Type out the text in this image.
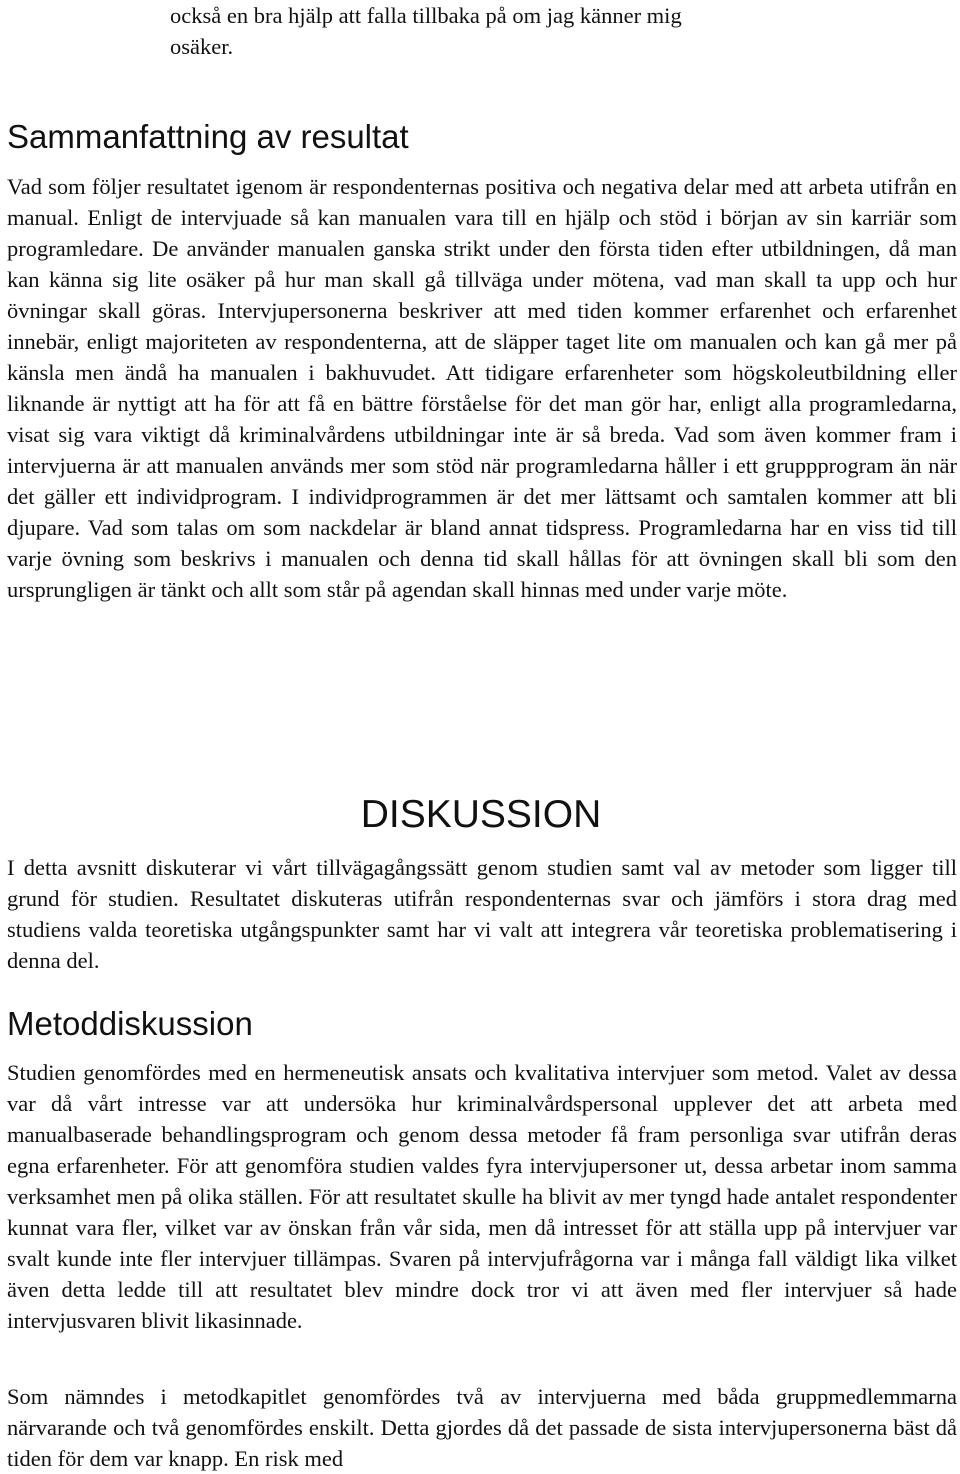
också en bra hjälp att falla tillbaka på om jag känner mig osäker.

Sammanfattning av resultat

Vad som följer resultatet igenom är respondenternas positiva och negativa delar med att arbeta utifrån en manual. Enligt de intervjuade så kan manualen vara till en hjälp och stöd i början av sin karriär som programledare. De använder manualen ganska strikt under den första tiden efter utbildningen, då man kan känna sig lite osäker på hur man skall gå tillväga under mötena, vad man skall ta upp och hur övningar skall göras. Intervjupersonerna beskriver att med tiden kommer erfarenhet och erfarenhet innebär, enligt majoriteten av respondenterna, att de släpper taget lite om manualen och kan gå mer på känsla men ändå ha manualen i bakhuvudet. Att tidigare erfarenheter som högskoleutbildning eller liknande är nyttigt att ha för att få en bättre förståelse för det man gör har, enligt alla programledarna, visat sig vara viktigt då kriminalvårdens utbildningar inte är så breda. Vad som även kommer fram i intervjuerna är att manualen används mer som stöd när programledarna håller i ett gruppprogram än när det gäller ett individprogram. I individprogrammen är det mer lättsamt och samtalen kommer att bli djupare. Vad som talas om som nackdelar är bland annat tidspress. Programledarna har en viss tid till varje övning som beskrivs i manualen och denna tid skall hållas för att övningen skall bli som den ursprungligen är tänkt och allt som står på agendan skall hinnas med under varje möte.

DISKUSSION

I detta avsnitt diskuterar vi vårt tillvägagångssätt genom studien samt val av metoder som ligger till grund för studien. Resultatet diskuteras utifrån respondenternas svar och jämförs i stora drag med studiens valda teoretiska utgångspunkter samt har vi valt att integrera vår teoretiska problematisering i denna del.

Metoddiskussion

Studien genomfördes med en hermeneutisk ansats och kvalitativa intervjuer som metod. Valet av dessa var då vårt intresse var att undersöka hur kriminalvårdspersonal upplever det att arbeta med manualbaserade behandlingsprogram och genom dessa metoder få fram personliga svar utifrån deras egna erfarenheter. För att genomföra studien valdes fyra intervjupersoner ut, dessa arbetar inom samma verksamhet men på olika ställen. För att resultatet skulle ha blivit av mer tyngd hade antalet respondenter kunnat vara fler, vilket var av önskan från vår sida, men då intresset för att ställa upp på intervjuer var svalt kunde inte fler intervjuer tillämpas. Svaren på intervjufrågorna var i många fall väldigt lika vilket även detta ledde till att resultatet blev mindre dock tror vi att även med fler intervjuer så hade intervjusvaren blivit likasinnade.

Som nämndes i metodkapitlet genomfördes två av intervjuerna med båda gruppmedlemmarna närvarande och två genomfördes enskilt. Detta gjordes då det passade de sista intervjupersonerna bäst då tiden för dem var knapp. En risk med
